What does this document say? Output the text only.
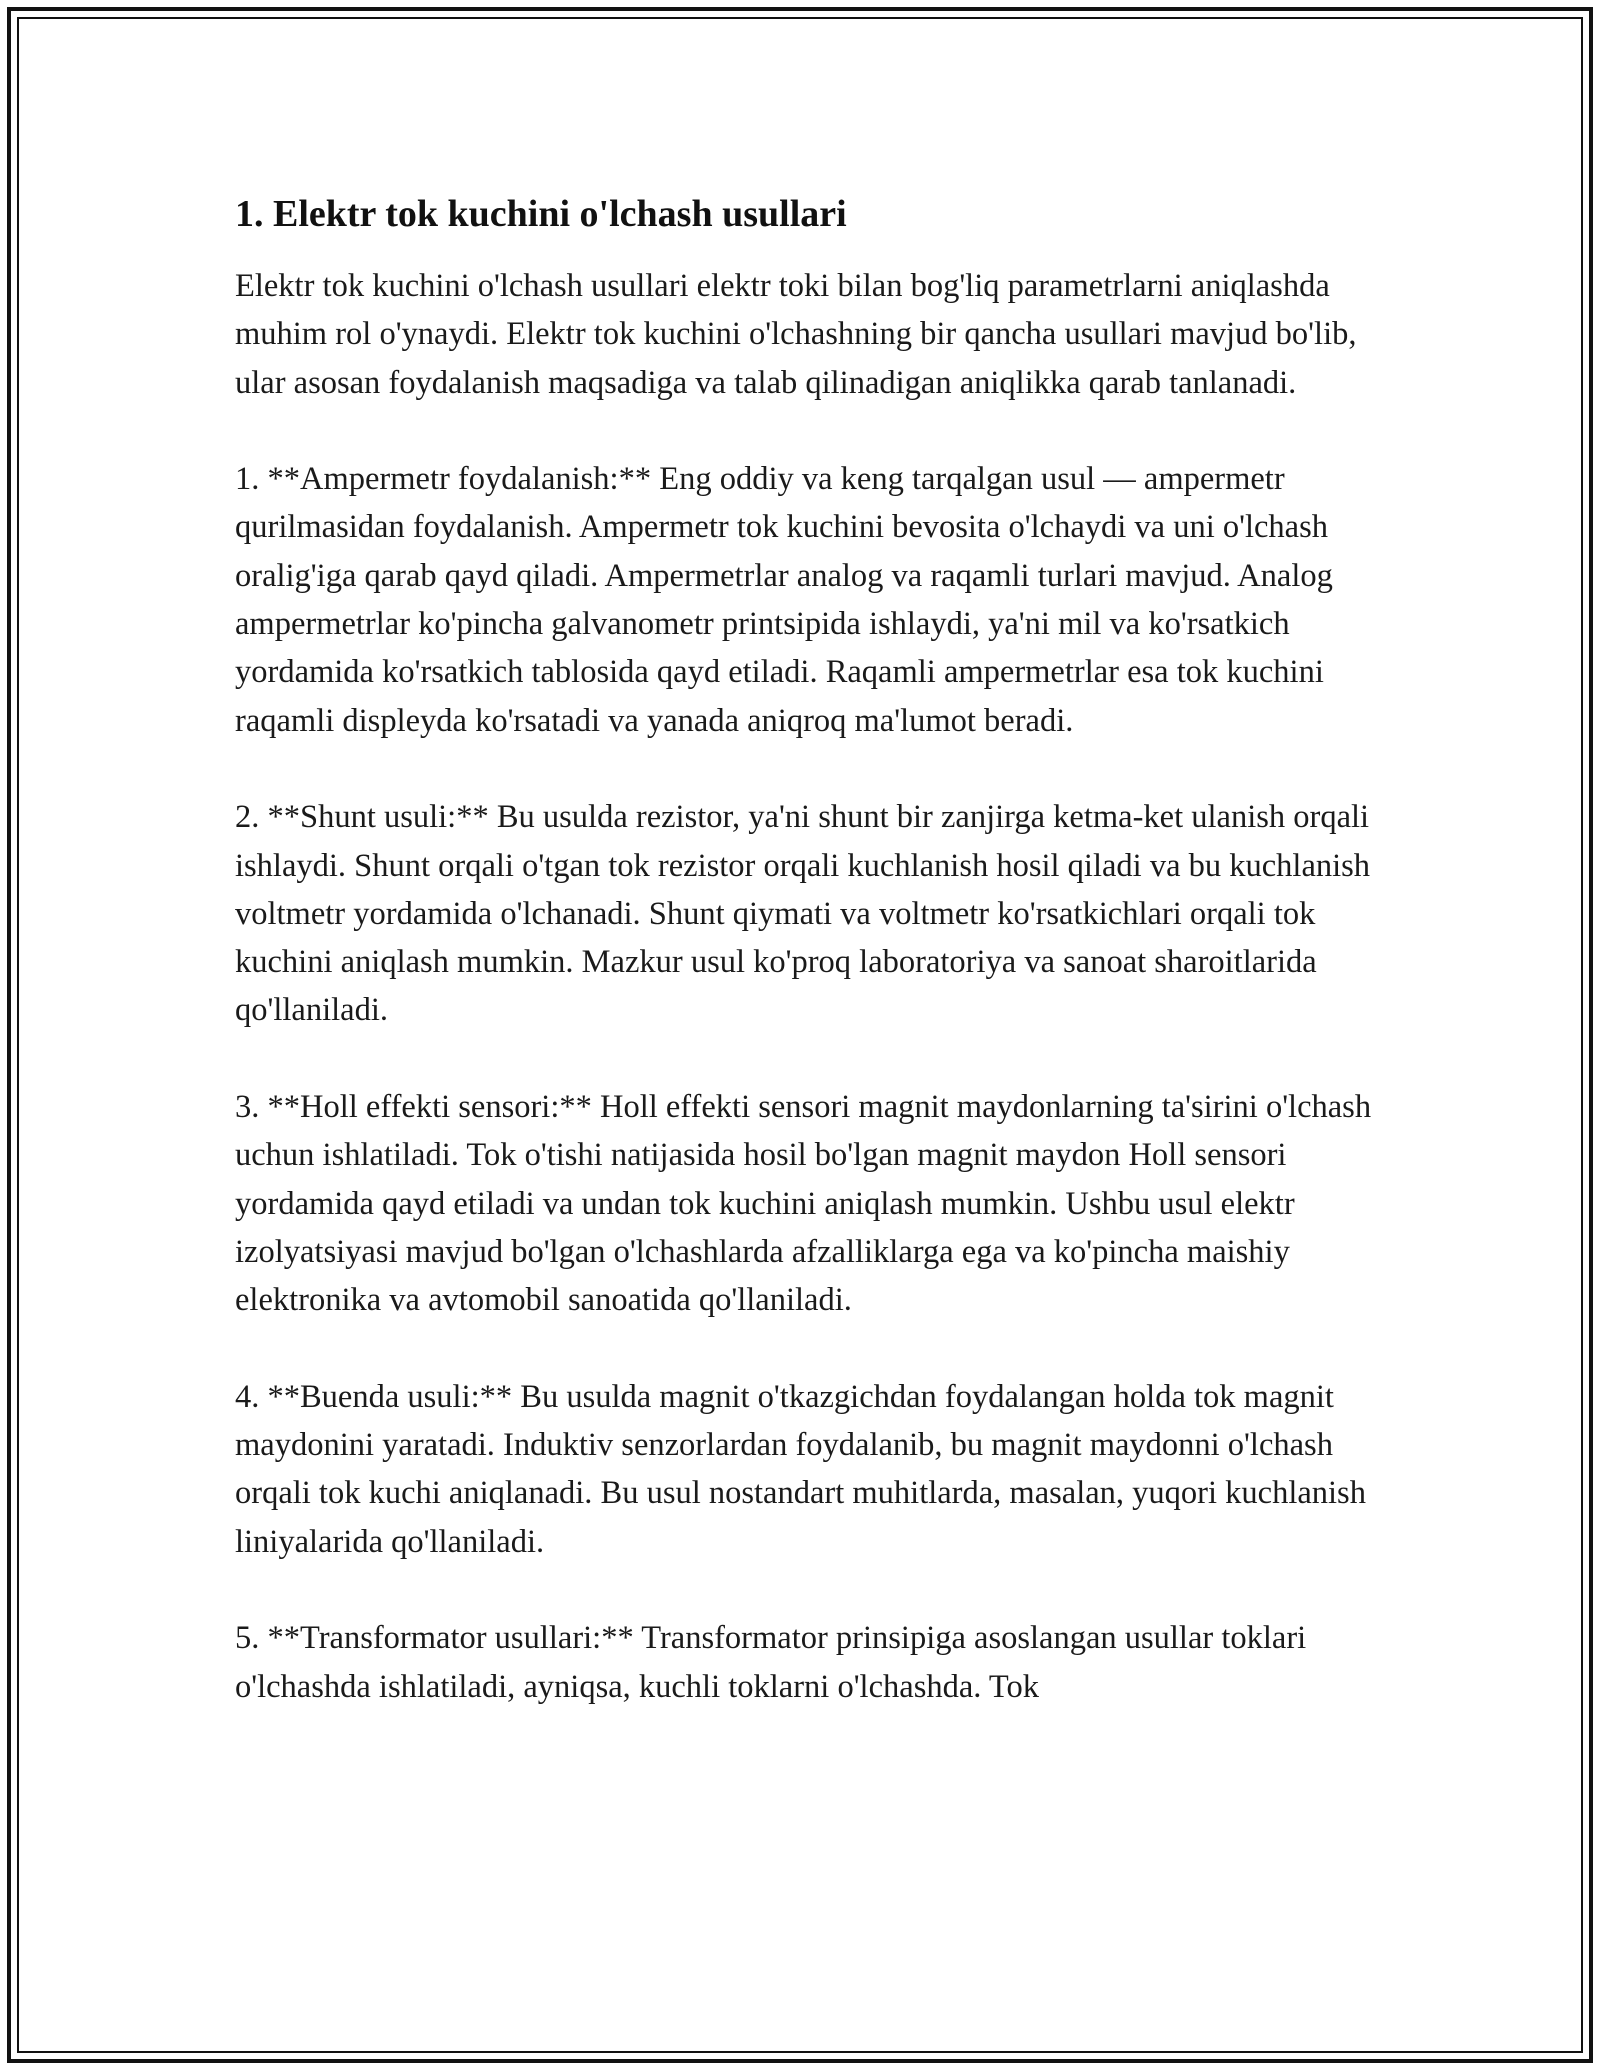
1. Elektr tok kuchini o'lchash usullari

Elektr tok kuchini o'lchash usullari elektr toki bilan bog'liq parametrlarni aniqlashda muhim rol o'ynaydi. Elektr tok kuchini o'lchashning bir qancha usullari mavjud bo'lib, ular asosan foydalanish maqsadiga va talab qilinadigan aniqlikka qarab tanlanadi.

1. **Ampermetr foydalanish:** Eng oddiy va keng tarqalgan usul — ampermetr qurilmasidan foydalanish. Ampermetr tok kuchini bevosita o'lchaydi va uni o'lchash oralig'iga qarab qayd qiladi. Ampermetrlar analog va raqamli turlari mavjud. Analog ampermetrlar ko'pincha galvanometr printsipida ishlaydi, ya'ni mil va ko'rsatkich yordamida ko'rsatkich tablosida qayd etiladi. Raqamli ampermetrlar esa tok kuchini raqamli displeyda ko'rsatadi va yanada aniqroq ma'lumot beradi.

2. **Shunt usuli:** Bu usulda rezistor, ya'ni shunt bir zanjirga ketma-ket ulanish orqali ishlaydi. Shunt orqali o'tgan tok rezistor orqali kuchlanish hosil qiladi va bu kuchlanish voltmetr yordamida o'lchanadi. Shunt qiymati va voltmetr ko'rsatkichlari orqali tok kuchini aniqlash mumkin. Mazkur usul ko'proq laboratoriya va sanoat sharoitlarida qo'llaniladi.

3. **Holl effekti sensori:** Holl effekti sensori magnit maydonlarning ta'sirini o'lchash uchun ishlatiladi. Tok o'tishi natijasida hosil bo'lgan magnit maydon Holl sensori yordamida qayd etiladi va undan tok kuchini aniqlash mumkin. Ushbu usul elektr izolyatsiyasi mavjud bo'lgan o'lchashlarda afzalliklarga ega va ko'pincha maishiy elektronika va avtomobil sanoatida qo'llaniladi.

4. **Buenda usuli:** Bu usulda magnit o'tkazgichdan foydalangan holda tok magnit maydonini yaratadi. Induktiv senzorlardan foydalanib, bu magnit maydonni o'lchash orqali tok kuchi aniqlanadi. Bu usul nostandart muhitlarda, masalan, yuqori kuchlanish liniyalarida qo'llaniladi.

5. **Transformator usullari:** Transformator prinsipiga asoslangan usullar toklari o'lchashda ishlatiladi, ayniqsa, kuchli toklarni o'lchashda. Tok
